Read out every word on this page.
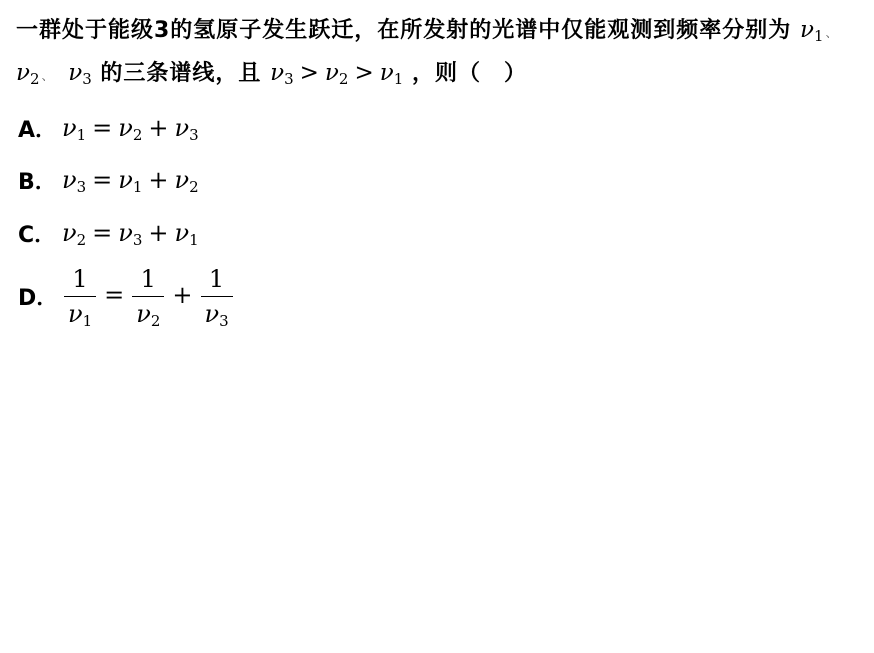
一群处于能级3的氢原子发生跃迁，在所发射的光谱中仅能观测到频率分别为 $\nu_1$ 、 $\nu_2$ 、 $\nu_3$ 的三条谱线，且 $\nu_3 > \nu_2 > \nu_1$ ，则（　）
A． $\nu_1 = \nu_2 + \nu_3$
B． $\nu_3 = \nu_1 + \nu_2$
C． $\nu_2 = \nu_3 + \nu_1$
D． $\frac{1}{\nu_1} = \frac{1}{\nu_2} + \frac{1}{\nu_3}$
